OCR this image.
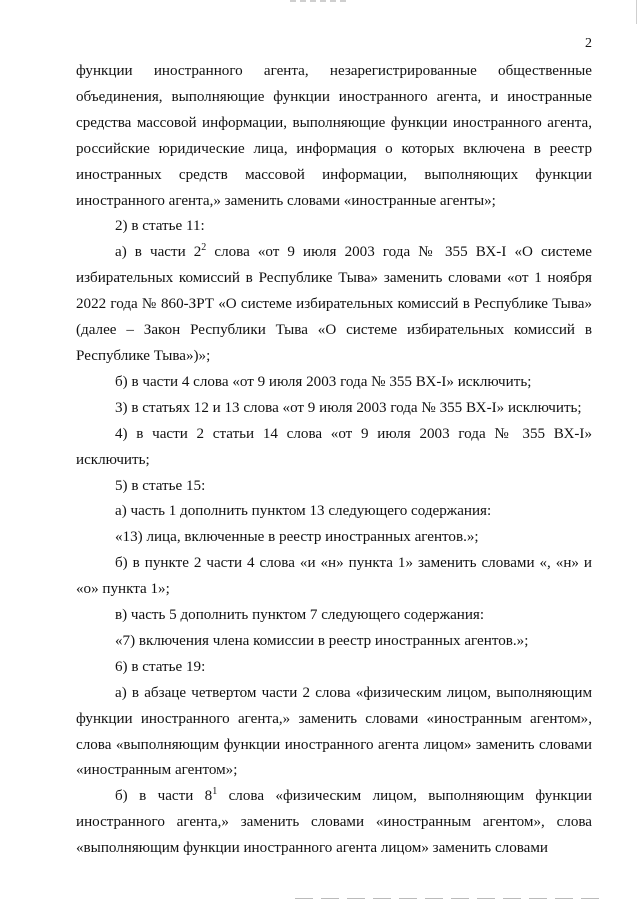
2

функции иностранного агента, незарегистрированные общественные объединения, выполняющие функции иностранного агента, и иностранные средства массовой информации, выполняющие функции иностранного агента, российские юридические лица, информация о которых включена в реестр иностранных средств массовой информации, выполняющих функции иностранного агента,» заменить словами «иностранные агенты»;

2) в статье 11:

а) в части $2^2$ слова «от 9 июля 2003 года № 355 ВХ-I «О системе избирательных комиссий в Республике Тыва» заменить словами «от 1 ноября 2022 года № 860-ЗРТ «О системе избирательных комиссий в Республике Тыва» (далее – Закон Республики Тыва «О системе избирательных комиссий в Республике Тыва»)»;

б) в части 4 слова «от 9 июля 2003 года № 355 ВХ-I» исключить;

3) в статьях 12 и 13 слова «от 9 июля 2003 года № 355 ВХ-I» исключить;

4) в части 2 статьи 14 слова «от 9 июля 2003 года № 355 ВХ-I» исключить;

5) в статье 15:

а) часть 1 дополнить пунктом 13 следующего содержания:

«13) лица, включенные в реестр иностранных агентов.»;

б) в пункте 2 части 4 слова «и «н» пункта 1» заменить словами «, «н» и «о» пункта 1»;

в) часть 5 дополнить пунктом 7 следующего содержания:

«7) включения члена комиссии в реестр иностранных агентов.»;

6) в статье 19:

а) в абзаце четвертом части 2 слова «физическим лицом, выполняющим функции иностранного агента,» заменить словами «иностранным агентом», слова «выполняющим функции иностранного агента лицом» заменить словами «иностранным агентом»;

б) в части $8^1$ слова «физическим лицом, выполняющим функции иностранного агента,» заменить словами «иностранным агентом», слова «выполняющим функции иностранного агента лицом» заменить словами
